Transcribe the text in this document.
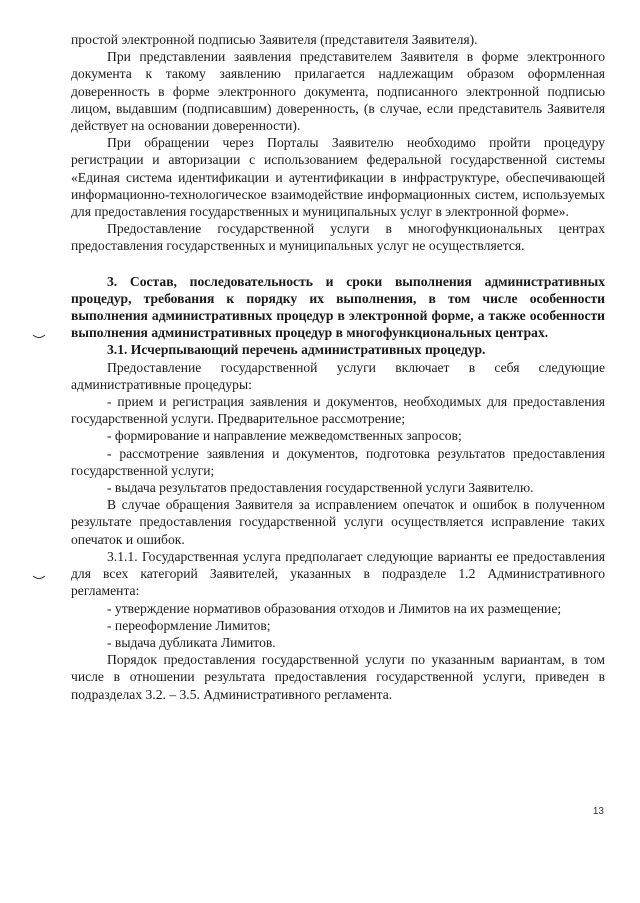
простой электронной подписью Заявителя (представителя Заявителя).

При представлении заявления представителем Заявителя в форме электронного документа к такому заявлению прилагается надлежащим образом оформленная доверенность в форме электронного документа, подписанного электронной подписью лицом, выдавшим (подписавшим) доверенность, (в случае, если представитель Заявителя действует на основании доверенности).

При обращении через Порталы Заявителю необходимо пройти процедуру регистрации и авторизации с использованием федеральной государственной системы «Единая система идентификации и аутентификации в инфраструктуре, обеспечивающей информационно-технологическое взаимодействие информационных систем, используемых для предоставления государственных и муниципальных услуг в электронной форме».

Предоставление государственной услуги в многофункциональных центрах предоставления государственных и муниципальных услуг не осуществляется.

3. Состав, последовательность и сроки выполнения административных процедур, требования к порядку их выполнения, в том числе особенности выполнения административных процедур в электронной форме, а также особенности выполнения административных процедур в многофункциональных центрах.
3.1. Исчерпывающий перечень административных процедур.

Предоставление государственной услуги включает в себя следующие административные процедуры:

- прием и регистрация заявления и документов, необходимых для предоставления государственной услуги. Предварительное рассмотрение;

- формирование и направление межведомственных запросов;

- рассмотрение заявления и документов, подготовка результатов предоставления государственной услуги;

- выдача результатов предоставления государственной услуги Заявителю.

В случае обращения Заявителя за исправлением опечаток и ошибок в полученном результате предоставления государственной услуги осуществляется исправление таких опечаток и ошибок.

3.1.1. Государственная услуга предполагает следующие варианты ее предоставления для всех категорий Заявителей, указанных в подразделе 1.2 Административного регламента:

- утверждение нормативов образования отходов и Лимитов на их размещение;

- переоформление Лимитов;

- выдача дубликата Лимитов.

Порядок предоставления государственной услуги по указанным вариантам, в том числе в отношении результата предоставления государственной услуги, приведен в подразделах 3.2. – 3.5. Административного регламента.

13
